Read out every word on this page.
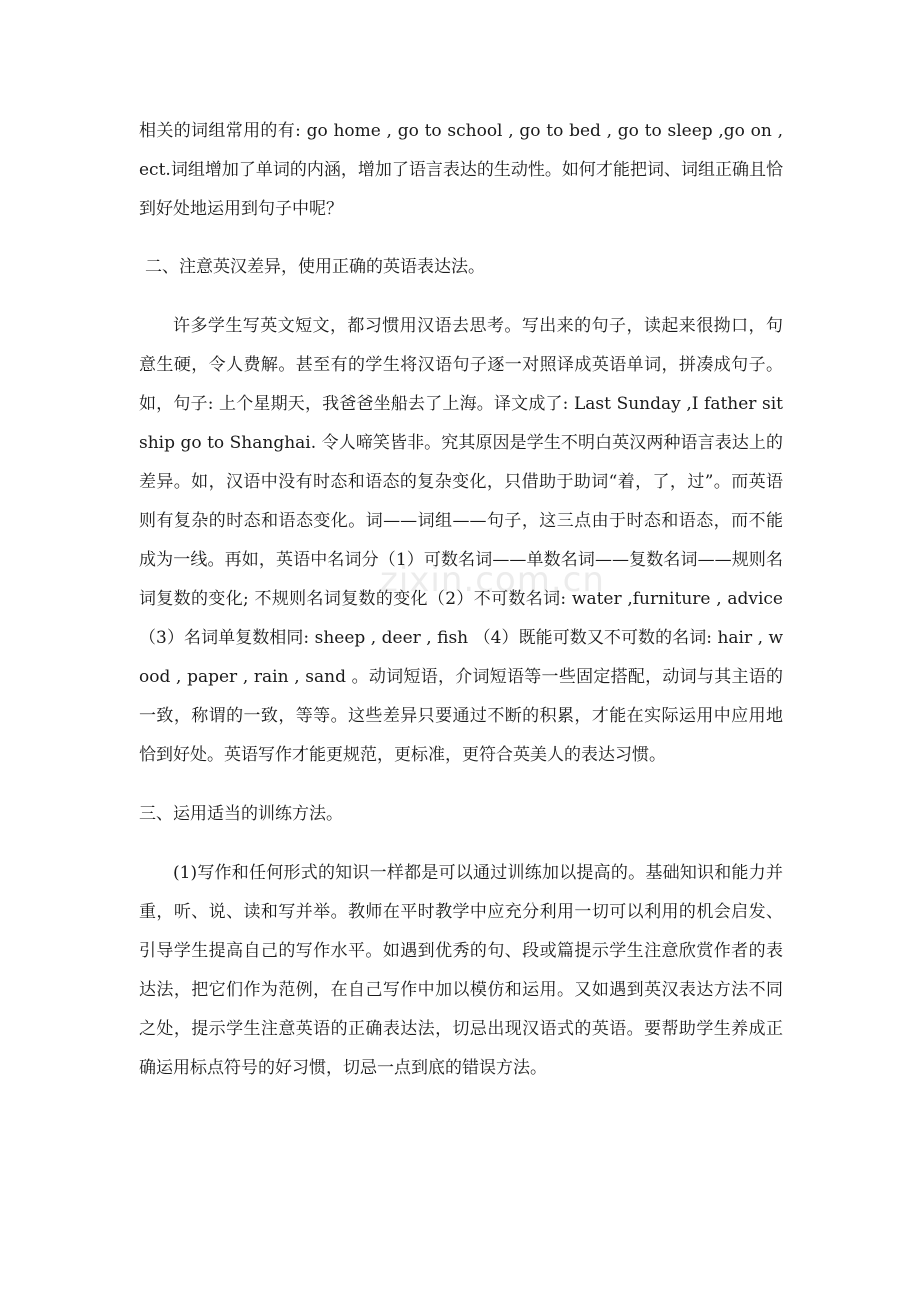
相关的词组常用的有: go home , go to school , go to bed , go to sleep ,go on ,ect.词组增加了单词的内涵，增加了语言表达的生动性。如何才能把词、词组正确且恰到好处地运用到句子中呢？

二、注意英汉差异，使用正确的英语表达法。

许多学生写英文短文，都习惯用汉语去思考。写出来的句子，读起来很拗口，句意生硬，令人费解。甚至有的学生将汉语句子逐一对照译成英语单词，拼凑成句子。如，句子: 上个星期天，我爸爸坐船去了上海。译文成了: Last Sunday ,I father sit ship go to Shanghai. 令人啼笑皆非。究其原因是学生不明白英汉两种语言表达上的差异。如，汉语中没有时态和语态的复杂变化，只借助于助词“着，了，过”。而英语则有复杂的时态和语态变化。词——词组——句子，这三点由于时态和语态，而不能成为一线。再如，英语中名词分（1）可数名词——单数名词——复数名词——规则名词复数的变化; 不规则名词复数的变化（2）不可数名词: water ,furniture , advice （3）名词单复数相同: sheep , deer , fish （4）既能可数又不可数的名词: hair , wood , paper , rain , sand 。动词短语，介词短语等一些固定搭配，动词与其主语的一致，称谓的一致，等等。这些差异只要通过不断的积累，才能在实际运用中应用地恰到好处。英语写作才能更规范，更标准，更符合英美人的表达习惯。

三、运用适当的训练方法。

(1)写作和任何形式的知识一样都是可以通过训练加以提高的。基础知识和能力并重，听、说、读和写并举。教师在平时教学中应充分利用一切可以利用的机会启发、引导学生提高自己的写作水平。如遇到优秀的句、段或篇提示学生注意欣赏作者的表达法，把它们作为范例，在自己写作中加以模仿和运用。又如遇到英汉表达方法不同之处，提示学生注意英语的正确表达法，切忌出现汉语式的英语。要帮助学生养成正确运用标点符号的好习惯，切忌一点到底的错误方法。

zixin.com.cn
